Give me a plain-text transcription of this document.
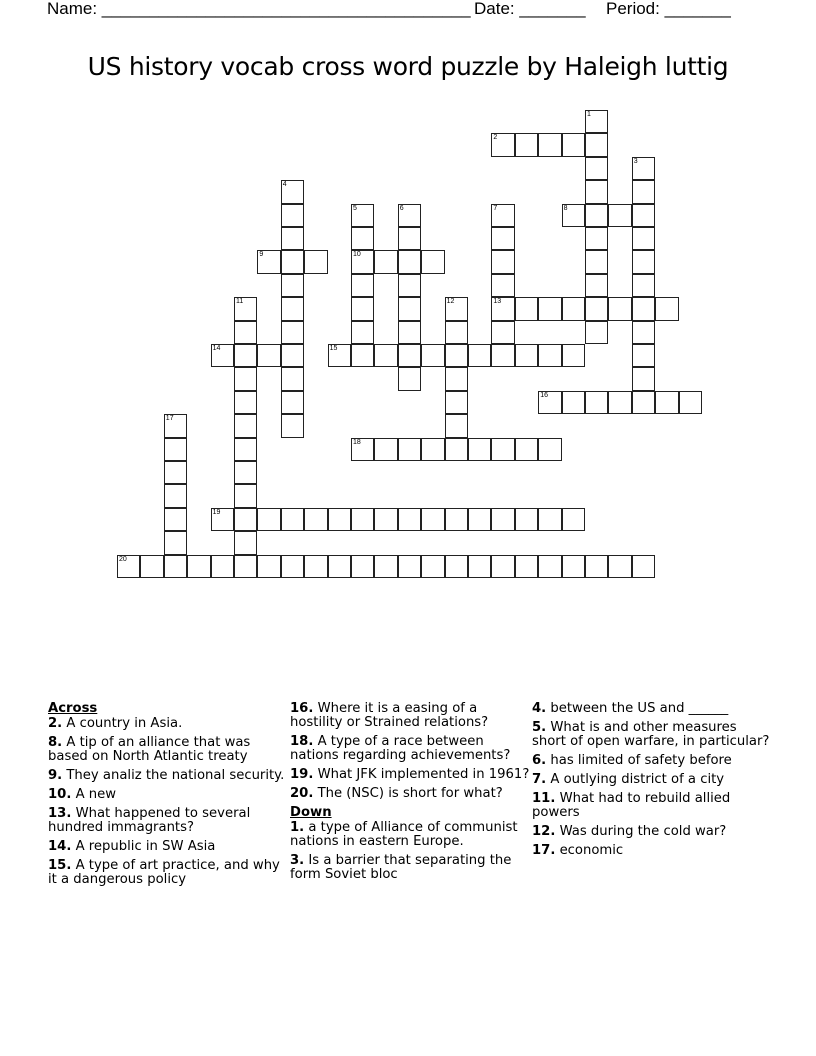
Name: _______________________________________ Date: _______ Period: _______
US history vocab cross word puzzle by Haleigh luttig
1
2
3
4
5
10
6	7
13
8
9
11	12
14	15
16
17
18
19
20
Across
2. A country in Asia.
8. A tip of an alliance that was based on North Atlantic treaty
9. They analiz the national security.
10. A new
13. What happened to several hundred immagrants?
14. A republic in SW Asia
15. A type of art practice, and why it a dangerous policy
16. Where it is a easing of a hostility or Strained relations?
18. A type of a race between nations regarding achievements?
19. What JFK implemented in 1961?
20. The (NSC) is short for what?
Down
1. a type of Alliance of communist nations in eastern Europe.
3. Is a barrier that separating the form Soviet bloc
4. between the US and ______
5. What is and other measures short of open warfare, in particular?
6. has limited of safety before
7. A outlying district of a city
11. What had to rebuild allied powers
12. Was during the cold war?
17. economic
